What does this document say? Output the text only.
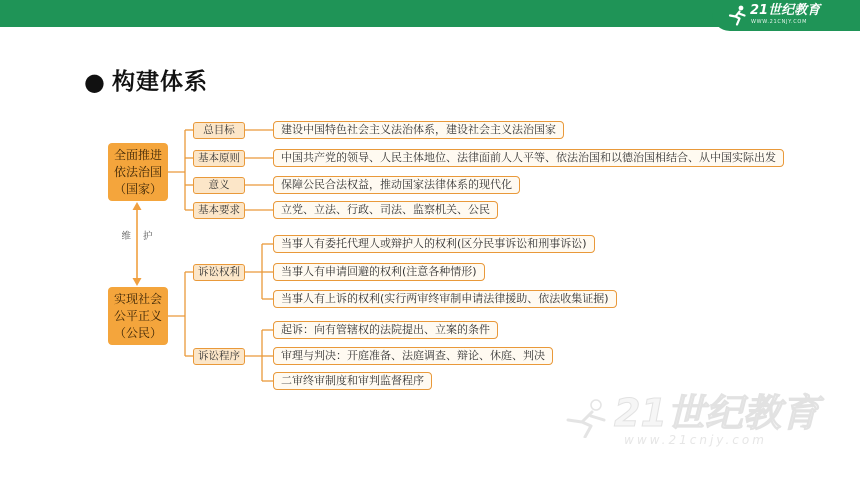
21世纪教育
WWW.21CNJY.COM
● 构建体系
21世纪教育
www.21cnjy.com
全面推进
依法治国
（国家）
维 护
实现社会
公平正义
（公民）
总目标
基本原则
意义
基本要求
建设中国特色社会主义法治体系，建设社会主义法治国家
中国共产党的领导、人民主体地位、法律面前人人平等、依法治国和以德治国相结合、从中国实际出发
保障公民合法权益，推动国家法律体系的现代化
立党、立法、行政、司法、监察机关、公民
诉讼权利
诉讼程序
当事人有委托代理人或辩护人的权利(区分民事诉讼和刑事诉讼)
当事人有申请回避的权利(注意各种情形)
当事人有上诉的权利(实行两审终审制申请法律援助、依法收集证据)
起诉：向有管辖权的法院提出、立案的条件
审理与判决：开庭准备、法庭调查、辩论、休庭、判决
二审终审制度和审判监督程序
